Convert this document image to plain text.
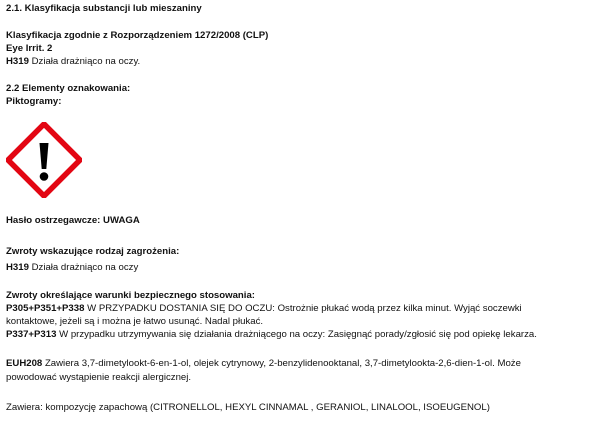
2.1. Klasyfikacja substancji lub mieszaniny
Klasyfikacja zgodnie z Rozporządzeniem 1272/2008 (CLP)
Eye Irrit. 2
H319 Działa drażniąco na oczy.
2.2 Elementy oznakowania:
Piktogramy:
Hasło ostrzegawcze: UWAGA
Zwroty wskazujące rodzaj zagrożenia:
H319 Działa drażniąco na oczy
Zwroty określające warunki bezpiecznego stosowania:
P305+P351+P338 W PRZYPADKU DOSTANIA SIĘ DO OCZU: Ostrożnie płukać wodą przez kilka minut. Wyjąć soczewki
kontaktowe, jeżeli są i można je łatwo usunąć. Nadal płukać.
P337+P313 W przypadku utrzymywania się działania drażniącego na oczy: Zasięgnąć porady/zgłosić się pod opiekę lekarza.
EUH208 Zawiera 3,7-dimetylookt-6-en-1-ol, olejek cytrynowy, 2-benzylidenooktanal, 3,7-dimetylookta-2,6-dien-1-ol. Może
powodować wystąpienie reakcji alergicznej.
Zawiera: kompozycję zapachową (CITRONELLOL, HEXYL CINNAMAL , GERANIOL, LINALOOL, ISOEUGENOL)
